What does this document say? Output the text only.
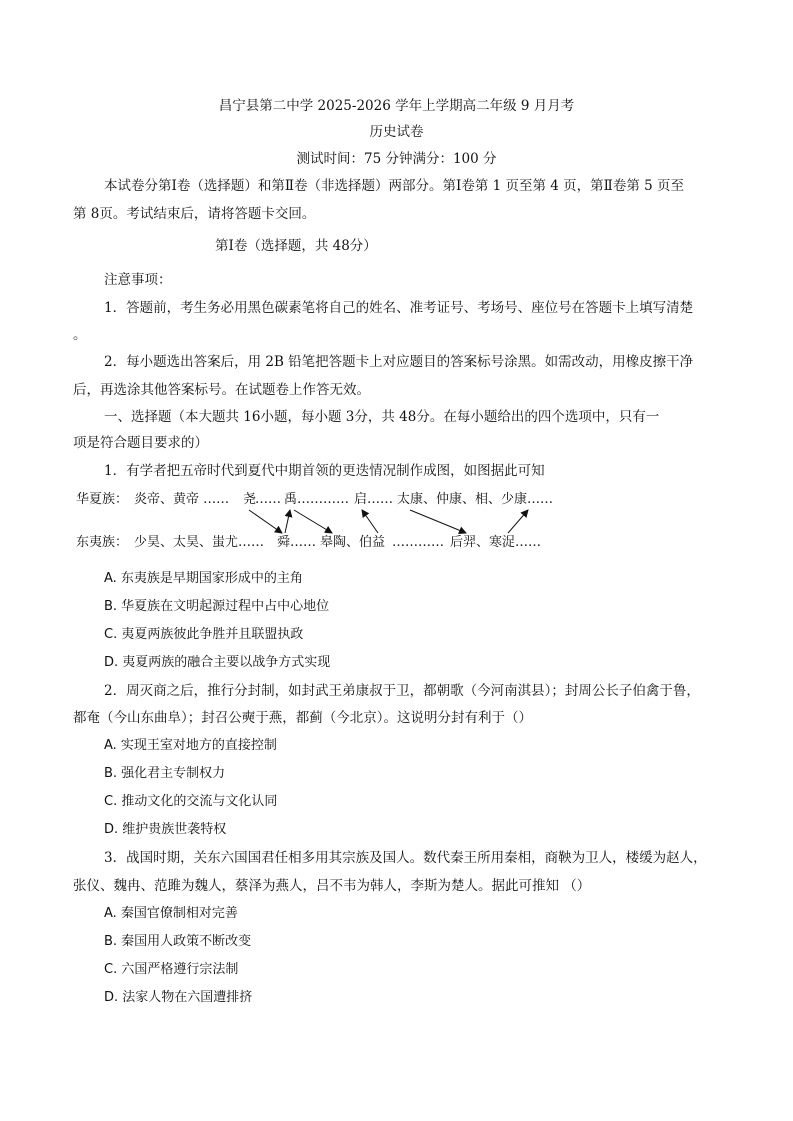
昌宁县第二中学 2025-2026 学年上学期高二年级 9 月月考
历史试卷
测试时间：75 分钟满分：100 分
本试卷分第Ⅰ卷（选择题）和第Ⅱ卷（非选择题）两部分。第Ⅰ卷第 1 页至第 4 页，第Ⅱ卷第 5 页至
第 8页。考试结束后，请将答题卡交回。
第Ⅰ卷（选择题，共 48分）
注意事项：
1．答题前，考生务必用黑色碳素笔将自己的姓名、准考证号、考场号、座位号在答题卡上填写清楚
。
2．每小题选出答案后，用 2B 铅笔把答题卡上对应题目的答案标号涂黑。如需改动，用橡皮擦干净
后，再选涂其他答案标号。在试题卷上作答无效。
一、选择题（本大题共 16小题，每小题 3分，共 48分。在每小题给出的四个选项中，只有一
项是符合题目要求的）
1．有学者把五帝时代到夏代中期首领的更迭情况制作成图，如图据此可知
华夏族： 炎帝、黄帝 …… 尧
…… 禹 ………… 启 …… 太康、仲康、相、少康……
东夷族： 少昊、太昊、蚩尤…… 舜 …… 皋陶、伯益 ………… 后羿、寒浞……
A. 东夷族是早期国家形成中的主角
B. 华夏族在文明起源过程中占中心地位
C. 夷夏两族彼此争胜并且联盟执政
D. 夷夏两族的融合主要以战争方式实现
2．周灭商之后，推行分封制，如封武王弟康叔于卫，都朝歌（今河南淇县）；封周公长子伯禽于鲁，
都奄（今山东曲阜）；封召公奭于燕，都蓟（今北京）。这说明分封有利于（）
A. 实现王室对地方的直接控制
B. 强化君主专制权力
C. 推动文化的交流与文化认同
D. 维护贵族世袭特权
3．战国时期，关东六国国君任相多用其宗族及国人。数代秦王所用秦相，商鞅为卫人，楼缓为赵人，
张仪、魏冉、范雎为魏人，蔡泽为燕人，吕不韦为韩人，李斯为楚人。据此可推知 （）
A. 秦国官僚制相对完善
B. 秦国用人政策不断改变
C. 六国严格遵行宗法制
D. 法家人物在六国遭排挤
